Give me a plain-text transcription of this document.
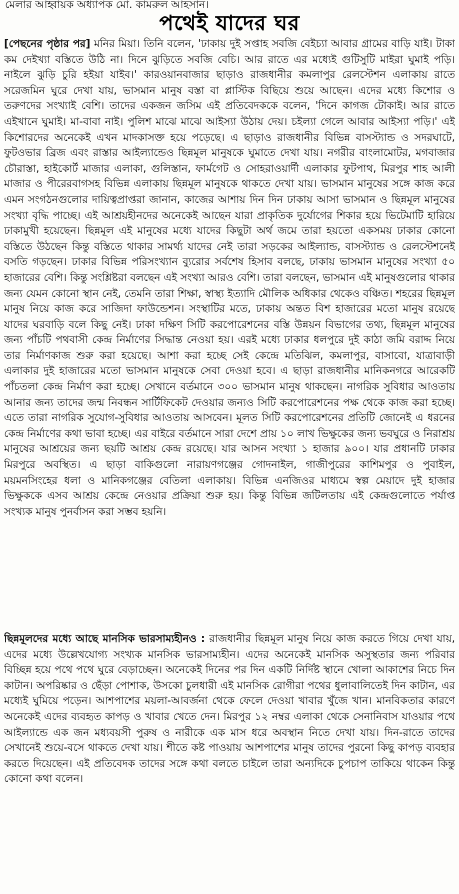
মেলার আহ্বায়ক অধ্যাপক মো. কামরুল আহসান।
পথেই যাদের ঘর

[পেছনের পৃষ্ঠার পর] মনির মিয়া। তিনি বলেন, 'ঢাকায় দুই সপ্তাহ সবজি বেইচ্যা আবার গ্রামের বাড়ি যাই। টাকা কম দেইখ্যা বস্তিতে উঠি না। দিনে ঝুড়িতে সবজি বেচি। আর রাতে এর মধ্যেই গুটিসুটি মাইরা ঘুমাই পড়ি। নাইলে ঝুড়ি চুরি হইয়া যাইব।' কারওয়ানবাজার ছাড়াও রাজধানীর কমলাপুর রেলস্টেশন এলাকায় রাতে সরেজমিন ঘুরে দেখা যায়, ভাসমান মানুষ বস্তা বা প্লাস্টিক বিছিয়ে শুয়ে আছেন। এদের মধ্যে কিশোর ও তরুণদের সংখ্যাই বেশি। তাদের একজন জসিম এই প্রতিবেদককে বলেন, 'দিনে কাগজ টোকাই। আর রাতে এইখানে ঘুমাই। মা-বাবা নাই। পুলিশ মাঝে মাঝে আইস্যা উঠায় দেয়। চইল্যা গেলে আবার আইস্যা পড়ি।' এই কিশোরদের অনেকেই এখন মাদকাসক্ত হয়ে পড়েছে। এ ছাড়াও রাজধানীর বিভিন্ন বাসস্ট্যান্ড ও সদরঘাটে, ফুটওভার ব্রিজ এবং রাস্তার আইল্যান্ডেও ছিন্নমূল মানুষকে ঘুমাতে দেখা যায়। নগরীর বাংলামোটর, মগবাজার চৌরাস্তা, হাইকোর্ট মাজার এলাকা, গুলিস্তান, ফার্মগেট ও সোহরাওয়ার্দী এলাকার ফুটপাথ, মিরপুর শাহ আলী মাজার ও পীরেরবাগসহ বিভিন্ন এলাকায় ছিন্নমূল মানুষকে থাকতে দেখা যায়। ভাসমান মানুষের সঙ্গে কাজ করে এমন সংগঠনগুলোর দায়িত্বপ্রাপ্তরা জানান, কাজের আশায় দিন দিন ঢাকায় আসা ভাসমান ও ছিন্নমূল মানুষের সংখ্যা বৃদ্ধি পাচ্ছে। এই আশ্রয়হীনদের অনেকেই আছেন যারা প্রাকৃতিক দুর্যোগের শিকার হয়ে ভিটেমাটি হারিয়ে ঢাকামুখী হয়েছেন। ছিন্নমূল এই মানুষের মধ্যে যাদের কিছুটা অর্থ জমে তারা হয়তো একসময় ঢাকার কোনো বস্তিতে উঠছেন কিন্তু বস্তিতে থাকার সামর্থ্য যাদের নেই তারা সড়কের আইল্যান্ড, বাসস্ট্যান্ড ও রেলস্টেশনেই বসতি গড়ছেন। ঢাকার বিভিন্ন পরিসংখ্যান ব্যুরোর সর্বশেষ হিসাব বলছে, ঢাকায় ভাসমান মানুষের সংখ্যা ৫০ হাজারের বেশি। কিন্তু সংশ্লিষ্টরা বলছেন এই সংখ্যা আরও বেশি। তারা বলছেন, ভাসমান এই মানুষগুলোর থাকার জন্য যেমন কোনো স্থান নেই, তেমনি তারা শিক্ষা, স্বাস্থ্য ইত্যাদি মৌলিক অধিকার থেকেও বঞ্চিত। শহরের ছিন্নমূল মানুষ নিয়ে কাজ করে সাজিদা ফাউন্ডেশন। সংস্থাটির মতে, ঢাকায় অন্তত বিশ হাজারের মতো মানুষ রয়েছে যাদের ঘরবাড়ি বলে কিছু নেই। ঢাকা দক্ষিণ সিটি করপোরেশনের বস্তি উন্নয়ন বিভাগের তথ্য, ছিন্নমূল মানুষের জন্য পাঁচটি পথবাসী কেন্দ্র নির্মাণের সিদ্ধান্ত নেওয়া হয়। এরই মধ্যে ঢাকার ধলপুরে দুই কাঠা জমি বরাদ্দ নিয়ে তার নির্মাণকাজ শুরু করা হয়েছে। আশা করা হচ্ছে সেই কেন্দ্রে মতিঝিল, কমলাপুর, বাসাবো, যাত্রাবাড়ী এলাকার দুই হাজারের মতো ভাসমান মানুষকে সেবা দেওয়া হবে। এ ছাড়া রাজধানীর মানিকনগরে আরেকটি পাঁচতলা কেন্দ্র নির্মাণ করা হচ্ছে। সেখানে বর্তমানে ৩০০ ভাসমান মানুষ থাকছেন। নাগরিক সুবিধার আওতায় আনার জন্য তাদের জন্ম নিবন্ধন সার্টিফিকেট দেওয়ার জন্যও সিটি করপোরেশনের পক্ষ থেকে কাজ করা হচ্ছে। এতে তারা নাগরিক সুযোগ-সুবিধার আওতায় আসবেন। মূলত সিটি করপোরেশনের প্রতিটি জোনেই এ ধরনের কেন্দ্র নির্মাণের কথা ভাবা হচ্ছে। এর বাইরে বর্তমানে সারা দেশে প্রায় ১০ লাখ ভিক্ষুকের জন্য ভবঘুরে ও নিরাশ্রয় মানুষের আশ্রয়ের জন্য ছয়টি আশ্রয় কেন্দ্র রয়েছে। যার আসন সংখ্যা ১ হাজার ৯০০। যার প্রধানটি ঢাকার মিরপুরে অবস্থিত। এ ছাড়া বাকিগুলো নারায়ণগঞ্জের গোদনাইল, গাজীপুরের কাশিমপুর ও পুবাইল, ময়মনসিংহের ধলা ও মানিকগঞ্জের বেতিলা এলাকায়। বিভিন্ন এনজিওর মাধ্যমে স্বল্প মেয়াদে দুই হাজার ভিক্ষুককে এসব আশ্রয় কেন্দ্রে নেওয়ার প্রক্রিয়া শুরু হয়। কিন্তু বিভিন্ন জটিলতায় এই কেন্দ্রগুলোতে পর্যাপ্ত সংখ্যক মানুষ পুনর্বাসন করা সম্ভব হয়নি।

ছিন্নমূলদের মধ্যে আছে মানসিক ভারসাম্যহীনও : রাজধানীর ছিন্নমূল মানুষ নিয়ে কাজ করতে গিয়ে দেখা যায়, এদের মধ্যে উল্লেখযোগ্য সংখ্যক মানসিক ভারসাম্যহীন। এদের অনেকেই মানসিক অসুস্থতার জন্য পরিবার বিচ্ছিন্ন হয়ে পথে পথে ঘুরে বেড়াচ্ছেন। অনেকেই দিনের পর দিন একটি নির্দিষ্ট স্থানে খোলা আকাশের নিচে দিন কাটান। অপরিষ্কার ও ছেঁড়া পোশাক, উসকো চুলধারী এই মানসিক রোগীরা পথের ধুলাবালিতেই দিন কাটান, এর মধ্যেই ঘুমিয়ে পড়েন। আশপাশের ময়লা-আবর্জনা থেকে ফেলে দেওয়া খাবার খুঁজে খান। মানবিকতার কারণে অনেকেই এদের ব্যবহৃত কাপড় ও খাবার খেতে দেন। মিরপুর ১২ নম্বর এলাকা থেকে সেনানিবাস যাওয়ার পথে আইল্যান্ডে এক জন মধ্যবয়সী পুরুষ ও নারীকে এক মাস ধরে অবস্থান নিতে দেখা যায়। দিন-রাতে তাদের সেখানেই শুয়ে-বসে থাকতে দেখা যায়। শীতে কষ্ট পাওয়ায় আশপাশের মানুষ তাদের পুরনো কিছু কাপড় ব্যবহার করতে দিয়েছেন। এই প্রতিবেদক তাদের সঙ্গে কথা বলতে চাইলে তারা অন্যদিকে চুপচাপ তাকিয়ে থাকেন কিন্তু কোনো কথা বলেন।
